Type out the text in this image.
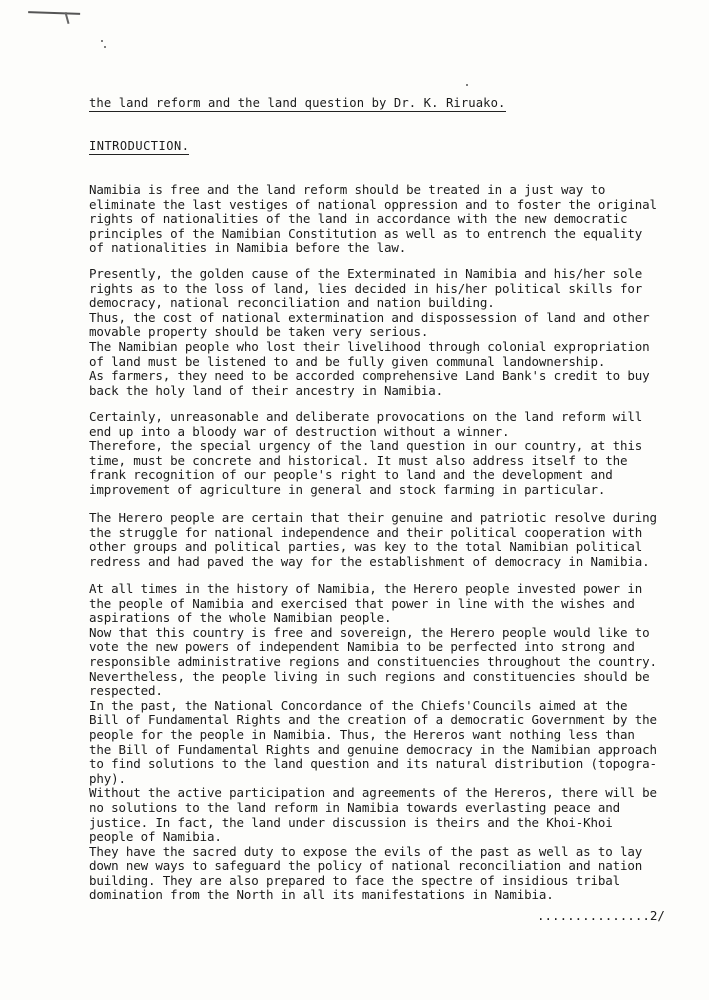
the land reform and the land question by Dr. K. Riruako.
INTRODUCTION.
Namibia is free and the land reform should be treated in a just way to
eliminate the last vestiges of national oppression and to foster the original
rights of nationalities of the land in accordance with the new democratic
principles of the Namibian Constitution as well as to entrench the equality
of nationalities in Namibia before the law.
Presently, the golden cause of the Exterminated in Namibia and his/her sole
rights as to the loss of land, lies decided in his/her political skills for
democracy, national reconciliation and nation building.
Thus, the cost of national extermination and dispossession of land and other
movable property should be taken very serious.
The Namibian people who lost their livelihood through colonial expropriation
of land must be listened to and be fully given communal landownership.
As farmers, they need to be accorded comprehensive Land Bank's credit to buy
back the holy land of their ancestry in Namibia.
Certainly, unreasonable and deliberate provocations on the land reform will
end up into a bloody war of destruction without a winner.
Therefore, the special urgency of the land question in our country, at this
time, must be concrete and historical. It must also address itself to the
frank recognition of our people's right to land and the development and
improvement of agriculture in general and stock farming in particular.
The Herero people are certain that their genuine and patriotic resolve during
the struggle for national independence and their political cooperation with
other groups and political parties, was key to the total Namibian political
redress and had paved the way for the establishment of democracy in Namibia.
At all times in the history of Namibia, the Herero people invested power in
the people of Namibia and exercised that power in line with the wishes and
aspirations of the whole Namibian people.
Now that this country is free and sovereign, the Herero people would like to
vote the new powers of independent Namibia to be perfected into strong and
responsible administrative regions and constituencies throughout the country.
Nevertheless, the people living in such regions and constituencies should be
respected.
In the past, the National Concordance of the Chiefs'Councils aimed at the
Bill of Fundamental Rights and the creation of a democratic Government by the
people for the people in Namibia. Thus, the Hereros want nothing less than
the Bill of Fundamental Rights and genuine democracy in the Namibian approach
to find solutions to the land question and its natural distribution (topogra-
phy).
Without the active participation and agreements of the Hereros, there will be
no solutions to the land reform in Namibia towards everlasting peace and
justice. In fact, the land under discussion is theirs and the Khoi-Khoi
people of Namibia.
They have the sacred duty to expose the evils of the past as well as to lay
down new ways to safeguard the policy of national reconciliation and nation
building. They are also prepared to face the spectre of insidious tribal
domination from the North in all its manifestations in Namibia.
...............2/
